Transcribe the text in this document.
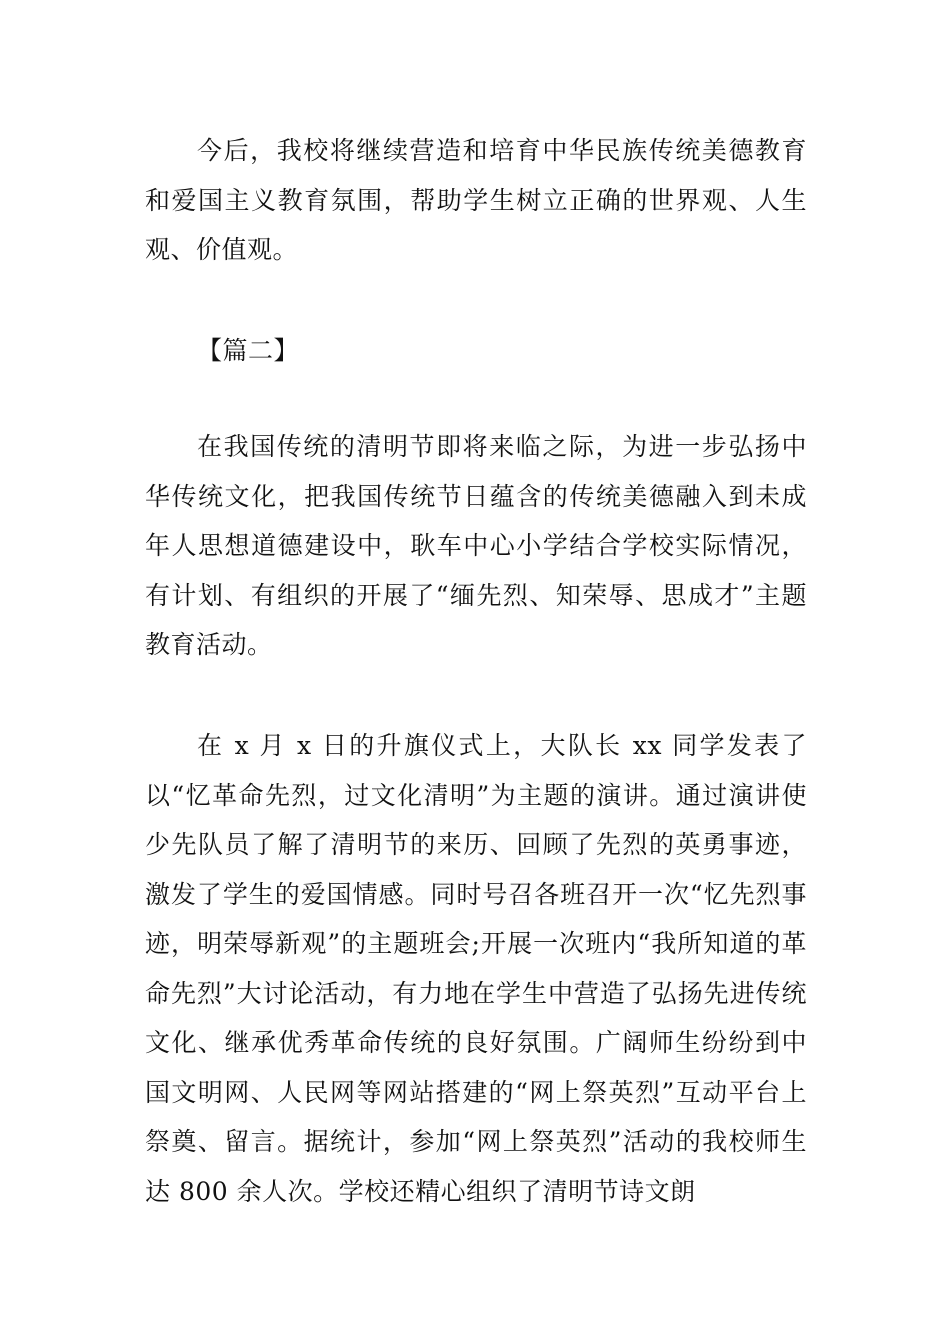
今后，我校将继续营造和培育中华民族传统美德教育和爱国主义教育氛围，帮助学生树立正确的世界观、人生观、价值观。

【篇二】

在我国传统的清明节即将来临之际，为进一步弘扬中华传统文化，把我国传统节日蕴含的传统美德融入到未成年人思想道德建设中，耿车中心小学结合学校实际情况，有计划、有组织的开展了“缅先烈、知荣辱、思成才”主题教育活动。

在 x 月 x 日的升旗仪式上，大队长 xx 同学发表了以“忆革命先烈，过文化清明”为主题的演讲。通过演讲使少先队员了解了清明节的来历、回顾了先烈的英勇事迹，激发了学生的爱国情感。同时号召各班召开一次“忆先烈事迹，明荣辱新观”的主题班会;开展一次班内“我所知道的革命先烈”大讨论活动，有力地在学生中营造了弘扬先进传统文化、继承优秀革命传统的良好氛围。广阔师生纷纷到中国文明网、人民网等网站搭建的“网上祭英烈”互动平台上祭奠、留言。据统计，参加“网上祭英烈”活动的我校师生达 800 余人次。学校还精心组织了清明节诗文朗
